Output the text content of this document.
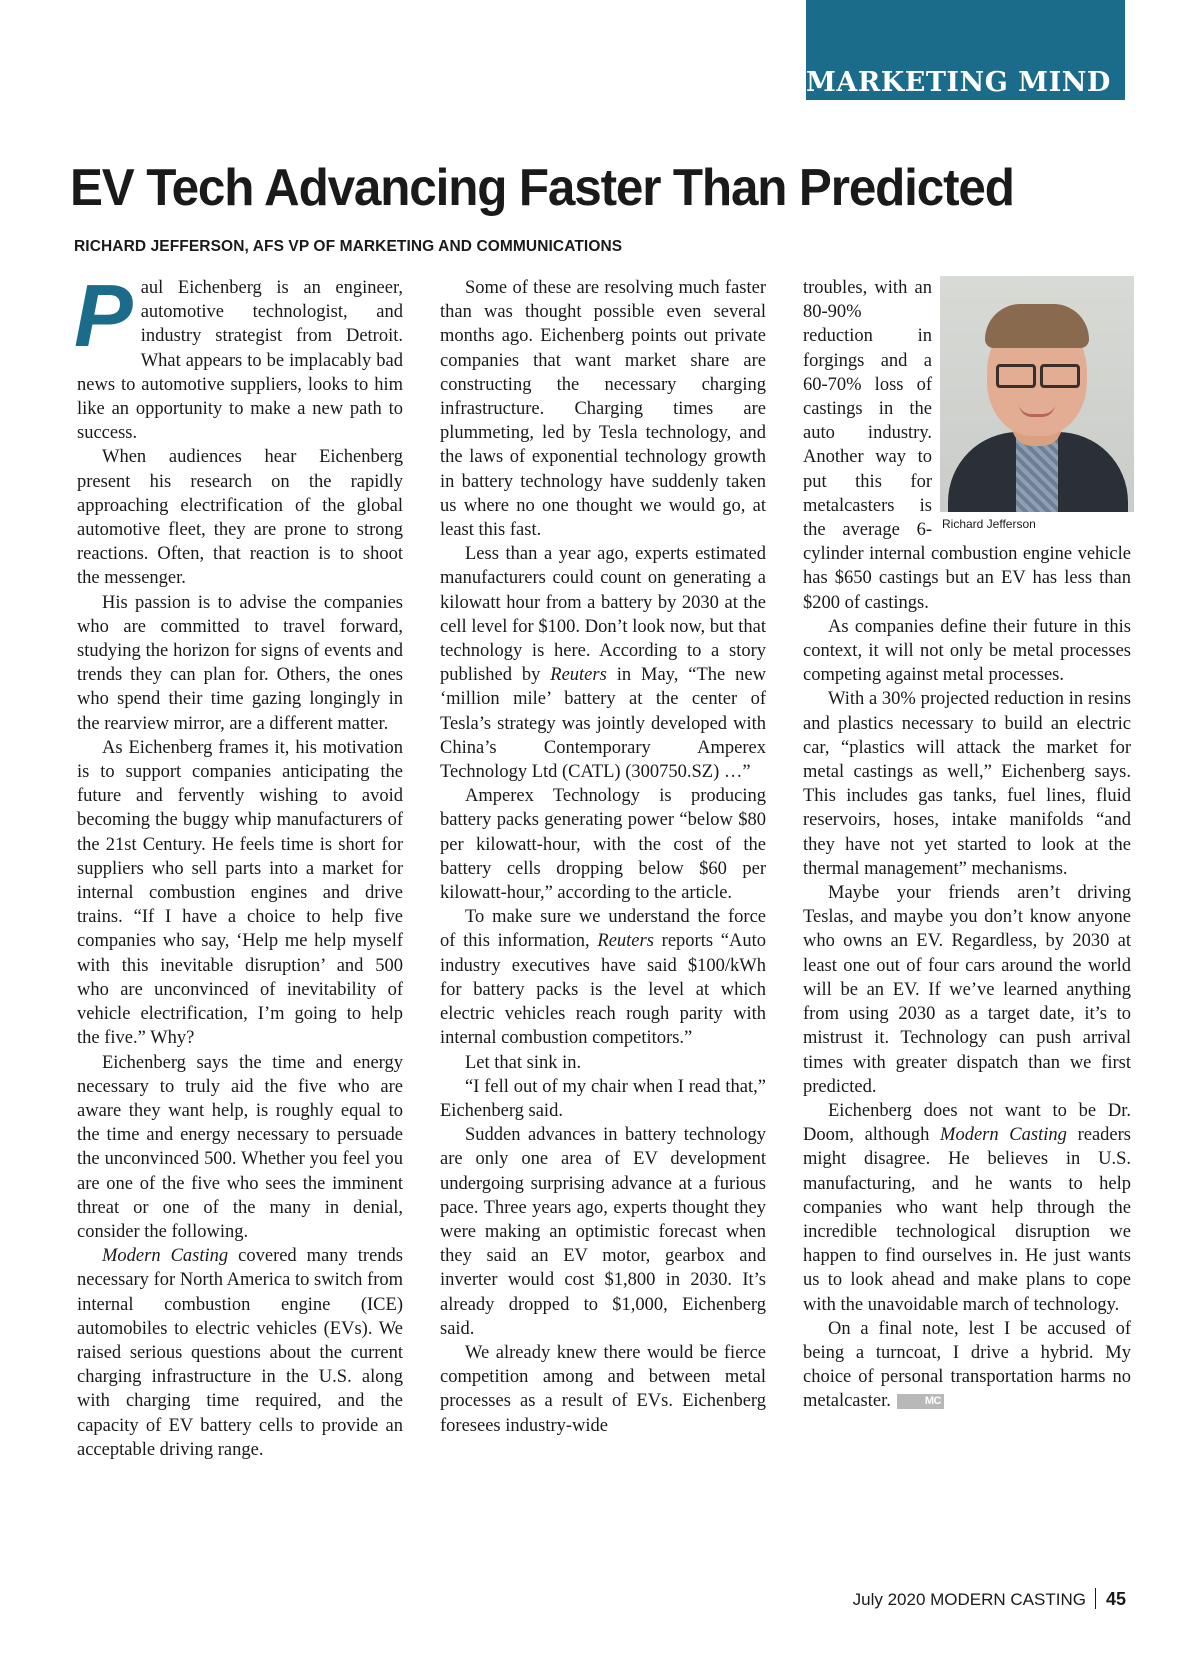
MARKETING MIND
EV Tech Advancing Faster Than Predicted
RICHARD JEFFERSON, AFS VP OF MARKETING AND COMMUNICATIONS

Paul Eichenberg is an engineer, automotive technologist, and industry strategist from Detroit. What appears to be implacably bad news to automotive suppliers, looks to him like an opportunity to make a new path to success.

When audiences hear Eichenberg present his research on the rapidly approaching electrification of the global automotive fleet, they are prone to strong reactions. Often, that reaction is to shoot the messenger.

His passion is to advise the companies who are committed to travel forward, studying the horizon for signs of events and trends they can plan for. Others, the ones who spend their time gazing longingly in the rearview mirror, are a different matter.

As Eichenberg frames it, his motivation is to support companies anticipating the future and fervently wishing to avoid becoming the buggy whip manufacturers of the 21st Century. He feels time is short for suppliers who sell parts into a market for internal combustion engines and drive trains. “If I have a choice to help five companies who say, ‘Help me help myself with this inevitable disruption’ and 500 who are unconvinced of inevitability of vehicle electrification, I’m going to help the five.” Why?

Eichenberg says the time and energy necessary to truly aid the five who are aware they want help, is roughly equal to the time and energy necessary to persuade the unconvinced 500. Whether you feel you are one of the five who sees the imminent threat or one of the many in denial, consider the following.

Modern Casting covered many trends necessary for North America to switch from internal combustion engine (ICE) automobiles to electric vehicles (EVs). We raised serious questions about the current charging infrastructure in the U.S. along with charging time required, and the capacity of EV battery cells to provide an acceptable driving range.

Some of these are resolving much faster than was thought possible even several months ago. Eichenberg points out private companies that want market share are constructing the necessary charging infrastructure. Charging times are plummeting, led by Tesla technology, and the laws of exponential technology growth in battery technology have suddenly taken us where no one thought we would go, at least this fast.

Less than a year ago, experts estimated manufacturers could count on generating a kilowatt hour from a battery by 2030 at the cell level for $100. Don’t look now, but that technology is here. According to a story published by Reuters in May, “The new ‘million mile’ battery at the center of Tesla’s strategy was jointly developed with China’s Contemporary Amperex Technology Ltd (CATL) (300750.SZ) …”

Amperex Technology is producing battery packs generating power “below $80 per kilowatt-hour, with the cost of the battery cells dropping below $60 per kilowatt-hour,” according to the article.

To make sure we understand the force of this information, Reuters reports “Auto industry executives have said $100/kWh for battery packs is the level at which electric vehicles reach rough parity with internal combustion competitors.”

Let that sink in.

“I fell out of my chair when I read that,” Eichenberg said.

Sudden advances in battery technology are only one area of EV development undergoing surprising advance at a furious pace. Three years ago, experts thought they were making an optimistic forecast when they said an EV motor, gearbox and inverter would cost $1,800 in 2030. It’s already dropped to $1,000, Eichenberg said.

We already knew there would be fierce competition among and between metal processes as a result of EVs. Eichenberg foresees industry-wide

Richard Jefferson

troubles, with an 80-90% reduction in forgings and a 60-70% loss of castings in the auto industry. Another way to put this for metalcasters is the average 6-cylinder internal combustion engine vehicle has $650 castings but an EV has less than $200 of castings.

As companies define their future in this context, it will not only be metal processes competing against metal processes.

With a 30% projected reduction in resins and plastics necessary to build an electric car, “plastics will attack the market for metal castings as well,” Eichenberg says. This includes gas tanks, fuel lines, fluid reservoirs, hoses, intake manifolds “and they have not yet started to look at the thermal management” mechanisms.

Maybe your friends aren’t driving Teslas, and maybe you don’t know anyone who owns an EV. Regardless, by 2030 at least one out of four cars around the world will be an EV. If we’ve learned anything from using 2030 as a target date, it’s to mistrust it. Technology can push arrival times with greater dispatch than we first predicted.

Eichenberg does not want to be Dr. Doom, although Modern Casting readers might disagree. He believes in U.S. manufacturing, and he wants to help companies who want help through the incredible technological disruption we happen to find ourselves in. He just wants us to look ahead and make plans to cope with the unavoidable march of technology.

On a final note, lest I be accused of being a turncoat, I drive a hybrid. My choice of personal transportation harms no metalcaster.	MC

July 2020 MODERN CASTING 45
